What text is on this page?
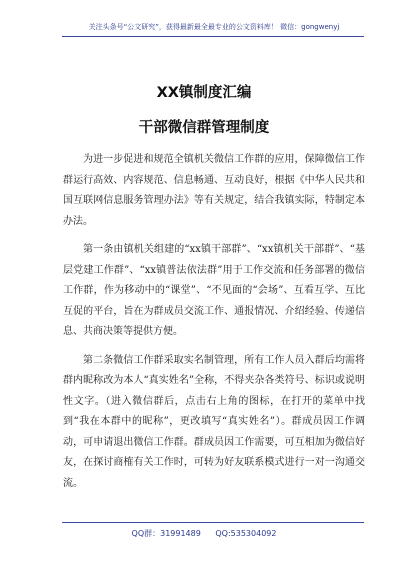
关注头条号“公文研究”，获得最新最全最专业的公文资料库！ 微信：gongwenyj
XX镇制度汇编
干部微信群管理制度

为进一步促进和规范全镇机关微信工作群的应用，保障微信工作群运行高效、内容规范、信息畅通、互动良好，根据《中华人民共和国互联网信息服务管理办法》等有关规定，结合我镇实际，特制定本办法。

第一条由镇机关组建的“xx镇干部群”、“xx镇机关干部群”、“基层党建工作群”、“xx镇普法依法群”用于工作交流和任务部署的微信工作群，作为移动中的“课堂”、“不见面的“会场”、互看互学、互比互促的平台，旨在为群成员交流工作、通报情况、介绍经验、传递信息、共商决策等提供方便。

第二条微信工作群采取实名制管理，所有工作人员入群后均需将群内昵称改为本人“真实姓名”全称，不得夹杂各类符号、标识或说明性文字。（进入微信群后，点击右上角的图标，在打开的菜单中找到“我在本群中的昵称”，更改填写“真实姓名”）。群成员因工作调动，可申请退出微信工作群。群成员因工作需要，可互相加为微信好友，在探讨商榷有关工作时，可转为好友联系模式进行一对一沟通交流。

QQ群：31991489 QQ:535304092
